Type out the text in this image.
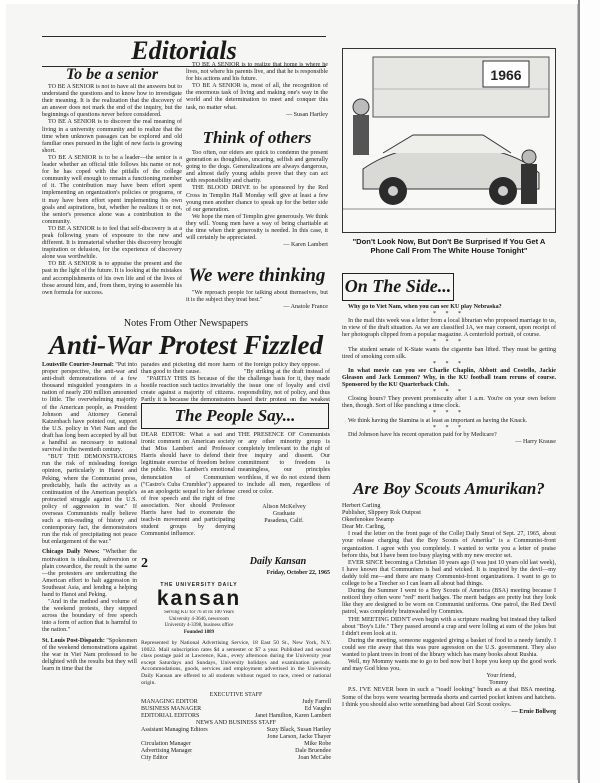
Editorials
To be a senior

TO BE A SENIOR is not to have all the answers but to understand the questions and to know how to investigate their meaning. It is the realization that the discovery of an answer does not mark the end of the inquiry, but the beginnings of questions never before considered.

TO BE A SENIOR is to discover the real meaning of living in a university community and to realize that the time when unknown passages can be explored and old familiar ones pursued in the light of new facts is growing short.

TO BE A SENIOR is to be a leader—the senior is a leader whether an official title follows his name or not, for he has coped with the pitfalls of the college community well enough to remain a functioning member of it. The contribution may have been effort spent implementing an organization's policies or programs, or it may have been effort spent implementing his own goals and aspirations, but, whether he realizes it or not, the senior's presence alone was a contribution to the community.

TO BE A SENIOR is to feel that self-discovery is at a peak following years of exposure to the new and different. It is immaterial whether this discovery brought inspiration or delusion, for the experience of discovery alone was worthwhile.

TO BE A SENIOR is to appraise the present and the past in the light of the future. It is looking at the mistakes and accomplishments of his own life and of the lives of those around him, and, from them, trying to assemble his own formula for success.

TO BE A SENIOR is to realize that home is where he lives, not where his parents live, and that he is responsible for his actions and his future.

TO BE A SENIOR is, most of all, the recognition of the enormous task of living and making one's way in the world and the determination to meet and conquer this task, no matter what.

— Susan Hartley

Think of others

Too often, our elders are quick to condemn the present generation as thoughtless, uncaring, selfish and generally going to the dogs. Generalizations are always dangerous, and almost daily young adults prove that they can act with responsibility and charity.

THE BLOOD DRIVE to be sponsored by the Red Cross in Templin Hall Monday will give at least a few young men another chance to speak up for the better side of our generation.

We hope the men of Templin give generously. We think they will. Young men have a way of being charitable at the time when their generosity is needed. In this case, it will certainly be appreciated.

— Karen Lambert

We were thinking

"We reproach people for talking about themselves, but it is the subject they treat best."

— Anatole France

1966
"Don't Look Now, But Don't Be Surprised If You Get A Phone Call From The White House Tonight"
On The Side...

Why go to Viet Nam, when you can see KU play Nebraska?

* * *

In the mail this week was a letter from a local librarian who proposed marriage to us, in view of the draft situation. As we are classified 1A, we may consent, upon receipt of her photograph clipped from a popular magazine. A centerfold portrait, of course.

* * *

The student senate of K-State wants the cigarette ban lifted. They must be getting tired of smoking corn silk.

* * *

In what movie can you see Charlie Chaplin, Abbott and Costello, Jackie Gleason and Jack Lemmon? Why, in the KU football team reruns of course. Sponsored by the KU Quarterback Club.

* * *

Closing hours? They prevent promiscuity after 1 a.m. You're on your own before then, though. Sort of like punching a time clock.

* * *

We think having the Stamina is at least as important as having the Knack.

* * *

Did Johnson have his recent operation paid for by Medicare?

— Harry Krause

Notes From Other Newspapers
Anti-War Protest Fizzled

Louisville Courier-Journal: "Put into proper perspective, the anti-war and anti-draft demonstrations of a few thousand misguided youngsters in a nation of nearly 200 million amounted to little. The overwhelming majority of the American people, as President Johnson and Attorney General Katzenbach have pointed out, support the U.S. policy in Viet Nam and the draft has long been accepted by all but a handful as necessary to national survival in the twentieth century.

"BUT THE DEMONSTRATORS run the risk of misleading foreign opinion, particularly in Hanoi and Peking, where the Communist press, predictably, hails the activity as a continuation of the American people's protracted struggle against the U.S. policy of aggression in war." If overseas Communists really believe such a mis-reading of history and contemporary fact, the demonstrators run the risk of precipitating not peace but enlargement of the war."

Chicago Daily News: "Whether the motivation is idealism, subversion or plain cowardice, the result is the same—the protesters are undercutting the American effort to halt aggression in Southeast Asia, and lending a helping hand to Hanoi and Peking.

"And in the method and volume of the weekend protests, they stepped across the boundary of free speech into a form of action that is harmful to the nation."

St. Louis Post-Dispatch: "Spokesmen of the weekend demonstrations against the war in Viet Nam professed to be delighted with the results but they will learn in time that the

parades and picketing did more harm than good to their cause.

"PARTLY THIS IS because of the hostile reaction such tactics invariably create against a majority of citizens. Partly it is because the demonstrators

of the foreign policy they oppose.

"By striking at the draft instead of the challenge basis for it, they made the issue one of loyalty and civil responsibility, not of policy, and thus based their protest on the weakest

The People Say...

DEAR EDITOR: What a sad and ironic comment on American society that Miss Lambert and Professor Harris should have to defend their legitimate exercise of freedom before the public. Miss Lambert's emotional denunciation of Communism ("Castro's Cuba Crumbles") appeared as an apologetic sequel to her defense of free speech and the right of free association. Nor should Professor Harris have had to exonerate the teach-in movement and participating student groups by denying Communist influence.

THE PRESENCE OF Communists or any other minority group is completely irrelevant to the right of free inquiry and dissent. Our commitment to freedom is meaningless, our principles worthless, if we do not extend them to include all men, regardless of creed or color.

Alison McKelvey

Graduate

Pasadena, Calif.

2	Daily Kansan
Friday, October 22, 1965
THE UNIVERSITY DAILY
kansan

Serving KU for 76 of its 100 Years

University 4-3646, newsroom

University 4-3398, business office

Founded 1889

Represented by National Advertising Service, 18 East 50 St., New York, N.Y. 10022. Mail subscription rates $4 a semester or $7 a year. Published and second class postage paid at Lawrence, Kan., every afternoon during the University year except Saturdays and Sundays, University holidays and examination periods. Accommodations, goods, services and employment advertised in the University Daily Kansan are offered to all students without regard to race, creed or national origin.

EXECUTIVE STAFF

MANAGING EDITOR	Judy Farrell
BUSINESS MANAGER	Ed Vaughn
EDITORIAL EDITORS	Janet Hamilton, Karen Lambert

NEWS AND BUSINESS STAFF

Assistant Managing Editors	Suzy Black, Susan Hartley
Jone Larson, Jacke Thayer
Circulation Manager	Mike Robe
Advertising Manager	Dale Bruendee
City Editor	Joan McCabe
Are Boy Scouts Amurikan?

Herbert Carling

Publisher, Slippery Rok Outpost

Okeefenokee Swamp

Dear Mr. Carling,

I read the letter on the front page of the Collej Daily Smut of Sept. 27, 1965, about your release charging that the Boy Scouts of Amerika" is a Communist-front organization. I agree with you completely. I wanted to write you a letter of praise before this, but I have been too busy playing with my new erector set.

EVER SINCE becoming a Christian 10 years ago (I was just 10 years old last week), I have known that Communism is bad and wicked. It is inspired by the devil—my daddy told me—and there are many Communist-front organizations. I want to go to college to be a Teecher so I can learn all about bad things.

During the Summer I went to a Boy Scouts of America (BSA) meeting because I noticed they often wore "red" merit badges. The merit badges are pretty but they look like they are designed to be worn on Communist uniforms. One patrol, the Red Devil patrol, was completely brainwashed by Commies.

THE MEETING DIDN'T even begin with a scripture reading but instead they talked about "Boy's Life." They passed around a crap and were lolling at sum of the jokes but I didn't even look at it.

During the meeting, someone suggested giving a basket of food to a needy family. I could see rite away that this was pure agression on the U.S. government. They also wanted to plant trees in front of the library which has many books about Rushia.

Well, my Mommy wants me to go to bed now but I hope you keep up the good work and may God bless you.

Your friend,

Tommy

P.S. I'VE NEVER been in such a "toadf looking" bunch as at that BSA meeting. Some of the boys were wearing bermuda shorts and carried pocket knives and hatchets. I think you should also write something bad about Girl Scout cookys.

— Ernie Bollweg
